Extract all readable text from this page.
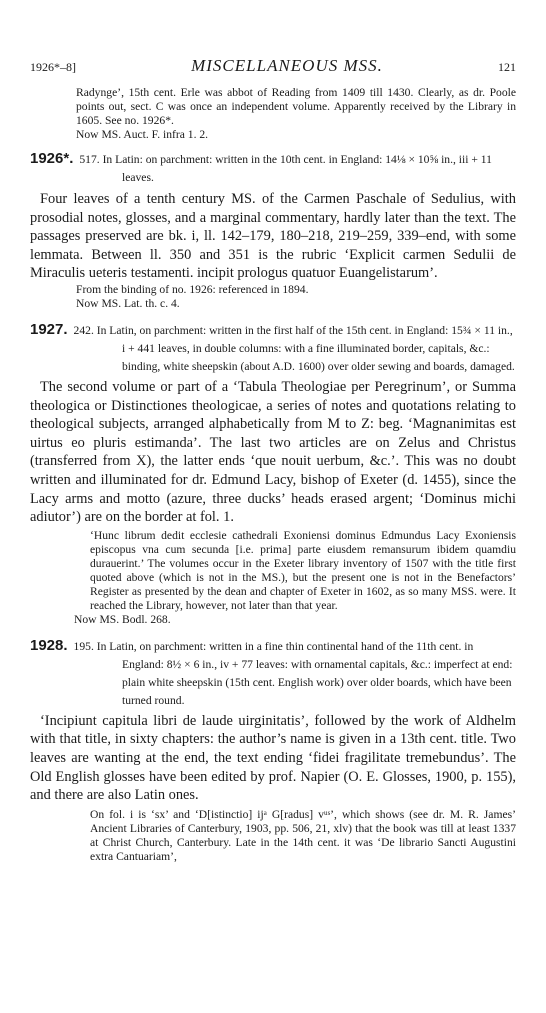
1926*–8]	MISCELLANEOUS MSS.	121

Radynge’, 15th cent. Erle was abbot of Reading from 1409 till 1430. Clearly, as dr. Poole points out, sect. C was once an independent volume. Apparently received by the Library in 1605. See no. 1926*.

Now MS. Auct. F. infra 1. 2.

1926*. 517. In Latin: on parchment: written in the 10th cent. in England: 14⅛ × 10⅝ in., iii + 11 leaves.

Four leaves of a tenth century MS. of the Carmen Paschale of Sedulius, with prosodial notes, glosses, and a marginal commentary, hardly later than the text. The passages preserved are bk. i, ll. 142–179, 180–218, 219–259, 339–end, with some lemmata. Between ll. 350 and 351 is the rubric ‘Explicit carmen Sedulii de Miraculis ueteris testamenti. incipit prologus quatuor Euangelistarum’.

From the binding of no. 1926: referenced in 1894.

Now MS. Lat. th. c. 4.

1927. 242. In Latin, on parchment: written in the first half of the 15th cent. in England: 15¾ × 11 in., i + 441 leaves, in double columns: with a fine illuminated border, capitals, &c.: binding, white sheepskin (about A.D. 1600) over older sewing and boards, damaged.

The second volume or part of a ‘Tabula Theologiae per Peregrinum’, or Summa theologica or Distinctiones theologicae, a series of notes and quotations relating to theological subjects, arranged alphabetically from M to Z: beg. ‘Magnanimitas est uirtus eo pluris estimanda’. The last two articles are on Zelus and Christus (transferred from X), the latter ends ‘que nouit uerbum, &c.’. This was no doubt written and illuminated for dr. Edmund Lacy, bishop of Exeter (d. 1455), since the Lacy arms and motto (azure, three ducks’ heads erased argent; ‘Dominus michi adiutor’) are on the border at fol. 1.

‘Hunc librum dedit ecclesie cathedrali Exoniensi dominus Edmundus Lacy Exoniensis episcopus vna cum secunda [i.e. prima] parte eiusdem remansurum ibidem quamdiu durauerint.’ The volumes occur in the Exeter library inventory of 1507 with the title first quoted above (which is not in the MS.), but the present one is not in the Benefactors’ Register as presented by the dean and chapter of Exeter in 1602, as so many MSS. were. It reached the Library, however, not later than that year.

Now MS. Bodl. 268.

1928. 195. In Latin, on parchment: written in a fine thin continental hand of the 11th cent. in England: 8½ × 6 in., iv + 77 leaves: with ornamental capitals, &c.: imperfect at end: plain white sheepskin (15th cent. English work) over older boards, which have been turned round.

‘Incipiunt capitula libri de laude uirginitatis’, followed by the work of Aldhelm with that title, in sixty chapters: the author’s name is given in a 13th cent. title. Two leaves are wanting at the end, the text ending ‘fidei fragilitate tremebundus’. The Old English glosses have been edited by prof. Napier (O. E. Glosses, 1900, p. 155), and there are also Latin ones.

On fol. i is ‘sx’ and ‘D[istinctio] ijᵃ G[radus] vᵘˢ’, which shows (see dr. M. R. James’ Ancient Libraries of Canterbury, 1903, pp. 506, 21, xlv) that the book was till at least 1337 at Christ Church, Canterbury. Late in the 14th cent. it was ‘De librario Sancti Augustini extra Cantuariam’,
